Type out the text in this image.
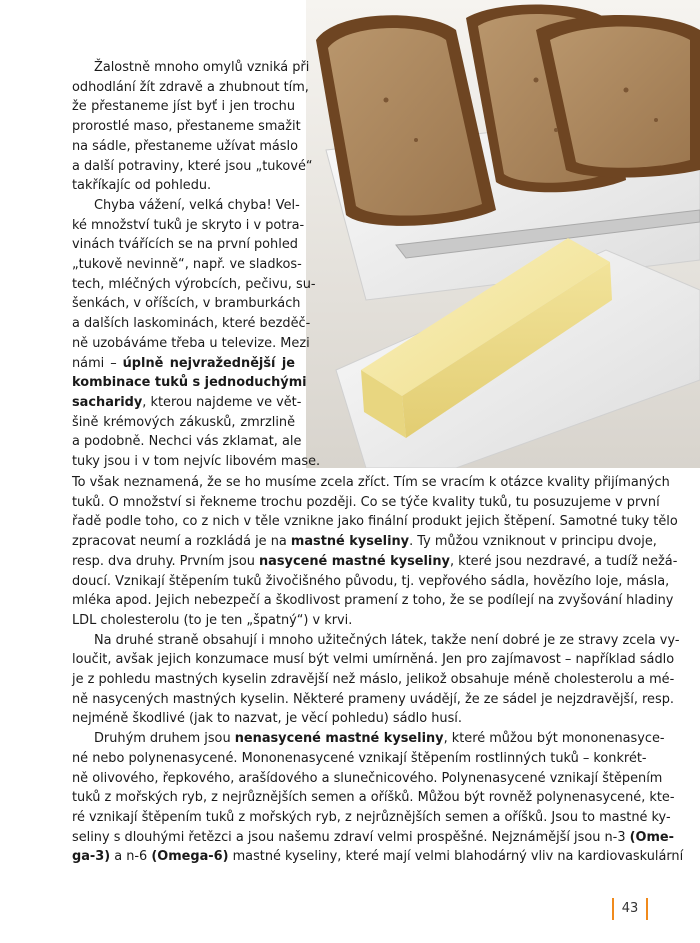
Žalostně mnoho omylů vzniká při
odhodlání žít zdravě a zhubnout tím,
že přestaneme jíst byť i jen trochu
prorostlé maso, přestaneme smažit
na sádle, přestaneme užívat máslo
a další potraviny, které jsou „tukové“
takříkajíc od pohledu.
Chyba vážení, velká chyba! Vel-
ké množství tuků je skryto i v potra-
vinách tvářících se na první pohled
„tukově nevinně“, např. ve sladkos-
tech, mléčných výrobcích, pečivu, su-
šenkách, v oříšcích, v bramburkách
a dalších laskominách, které bezděč-
ně uzobáváme třeba u televize. Mezi
námi – úplně nejvražednější je
kombinace tuků s jednoduchými
sacharidy, kterou najdeme ve vět-
šině krémových zákusků, zmrzlině
a podobně. Nechci vás zklamat, ale
tuky jsou i v tom nejvíc libovém mase.
To však neznamená, že se ho musíme zcela zříct. Tím se vracím k otázce kvality přijímaných
tuků. O množství si řekneme trochu později. Co se týče kvality tuků, tu posuzujeme v první
řadě podle toho, co z nich v těle vznikne jako finální produkt jejich štěpení. Samotné tuky tělo
zpracovat neumí a rozkládá je na mastné kyseliny. Ty můžou vzniknout v principu dvoje,
resp. dva druhy. Prvním jsou nasycené mastné kyseliny, které jsou nezdravé, a tudíž nežá-
doucí. Vznikají štěpením tuků živočišného původu, tj. vepřového sádla, hovězího loje, másla,
mléka apod. Jejich nebezpečí a škodlivost pramení z toho, že se podílejí na zvyšování hladiny
LDL cholesterolu (to je ten „špatný“) v krvi.
Na druhé straně obsahují i mnoho užitečných látek, takže není dobré je ze stravy zcela vy-
loučit, avšak jejich konzumace musí být velmi umírněná. Jen pro zajímavost – například sádlo
je z pohledu mastných kyselin zdravější než máslo, jelikož obsahuje méně cholesterolu a mé-
ně nasycených mastných kyselin. Některé prameny uvádějí, že ze sádel je nejzdravější, resp.
nejméně škodlivé (jak to nazvat, je věcí pohledu) sádlo husí.
Druhým druhem jsou nenasycené mastné kyseliny, které můžou být mononenasyce-
né nebo polynenasycené. Mononenasycené vznikají štěpením rostlinných tuků – konkrét-
ně olivového, řepkového, arašídového a slunečnicového. Polynenasycené vznikají štěpením
tuků z mořských ryb, z nejrůznějších semen a oříšků. Můžou být rovněž polynenasycené, kte-
ré vznikají štěpením tuků z mořských ryb, z nejrůznějších semen a oříšků. Jsou to mastné ky-
seliny s dlouhými řetězci a jsou našemu zdraví velmi prospěšné. Nejznámější jsou n-3 (Ome-
ga-3) a n-6 (Omega-6) mastné kyseliny, které mají velmi blahodárný vliv na kardiovaskulární
43
